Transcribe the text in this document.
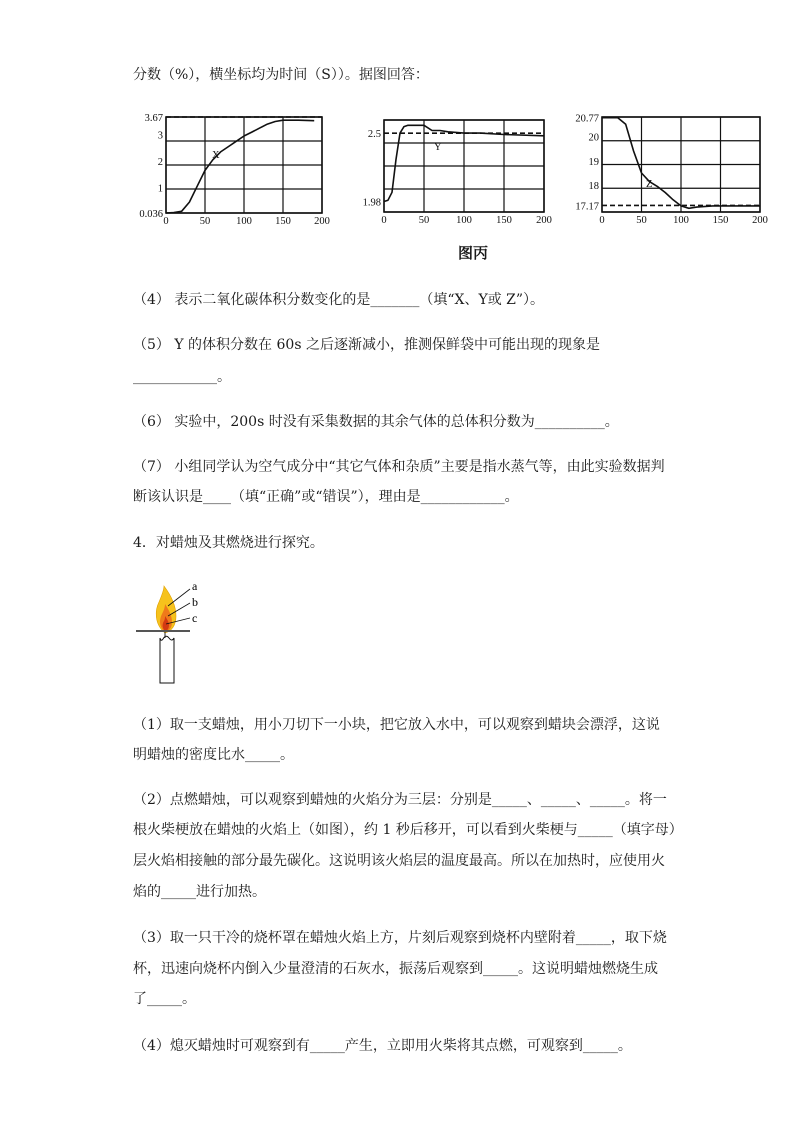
分数（%），横坐标均为时间（S））。据图回答：
0	50 100 150 200
0.036
1
2
3
3.67
X
0	50	100 150 200
1.98
2.5
Y
0	50	100 150 200
17.17
18
19
20
20.77
Z
图丙
（4） 表示二氧化碳体积分数变化的是_______（填“X、Y或 Z”）。
（5） Y 的体积分数在 60s 之后逐渐减小，推测保鲜袋中可能出现的现象是
____________。
（6） 实验中，200s 时没有采集数据的其余气体的总体积分数为__________。
（7） 小组同学认为空气成分中“其它气体和杂质”主要是指水蒸气等，由此实验数据判
断该认识是____（填“正确”或“错误”），理由是____________。
4．对蜡烛及其燃烧进行探究。
a
b
c
（1）取一支蜡烛，用小刀切下一小块，把它放入水中，可以观察到蜡块会漂浮，这说
明蜡烛的密度比水_____。
（2）点燃蜡烛，可以观察到蜡烛的火焰分为三层：分别是_____、_____、_____。将一
根火柴梗放在蜡烛的火焰上（如图），约 1 秒后移开，可以看到火柴梗与_____（填字母）
层火焰相接触的部分最先碳化。这说明该火焰层的温度最高。所以在加热时，应使用火
焰的_____进行加热。
（3）取一只干冷的烧杯罩在蜡烛火焰上方，片刻后观察到烧杯内壁附着_____，取下烧
杯，迅速向烧杯内倒入少量澄清的石灰水，振荡后观察到_____。这说明蜡烛燃烧生成
了_____。
（4）熄灭蜡烛时可观察到有_____产生，立即用火柴将其点燃，可观察到_____。
